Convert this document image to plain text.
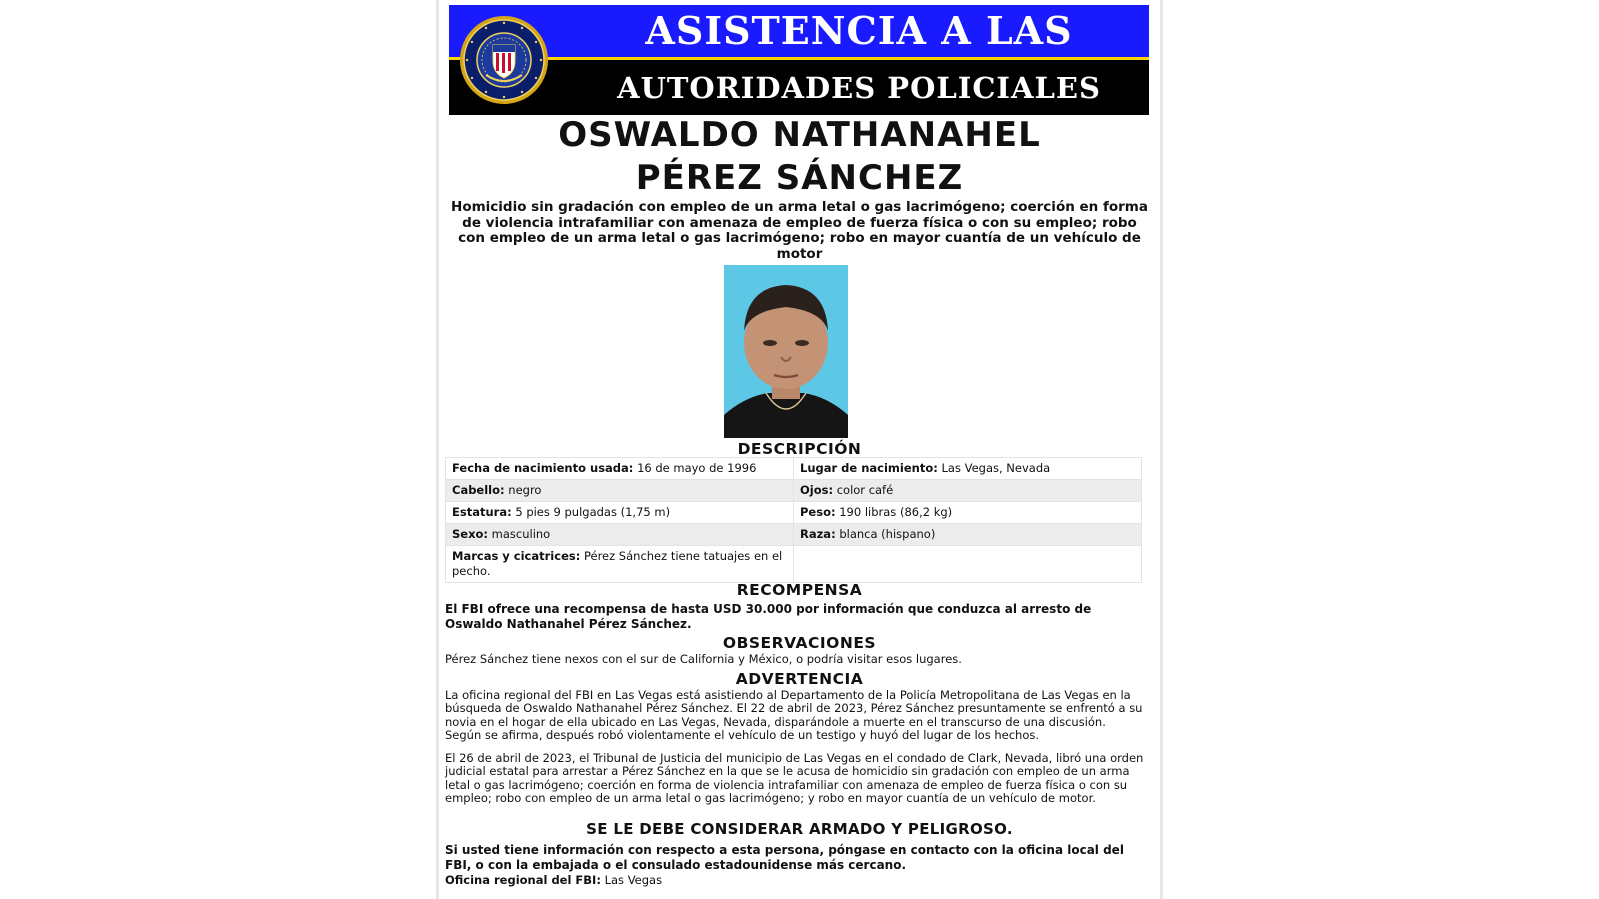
ASISTENCIA A LAS
AUTORIDADES POLICIALES
OSWALDO NATHANAHEL
PÉREZ SÁNCHEZ
Homicidio sin gradación con empleo de un arma letal o gas lacrimógeno; coerción en forma de violencia intrafamiliar con amenaza de empleo de fuerza física o con su empleo; robo con empleo de un arma letal o gas lacrimógeno; robo en mayor cuantía de un vehículo de motor
DESCRIPCIÓN
Fecha de nacimiento usada: 16 de mayo de 1996	Lugar de nacimiento: Las Vegas, Nevada
Cabello: negro	Ojos: color café
Estatura: 5 pies 9 pulgadas (1,75 m)	Peso: 190 libras (86,2 kg)
Sexo: masculino	Raza: blanca (hispano)
Marcas y cicatrices: Pérez Sánchez tiene tatuajes en el pecho.	
RECOMPENSA
El FBI ofrece una recompensa de hasta USD 30.000 por información que conduzca al arresto de Oswaldo Nathanahel Pérez Sánchez.
OBSERVACIONES
Pérez Sánchez tiene nexos con el sur de California y México, o podría visitar esos lugares.
ADVERTENCIA
La oficina regional del FBI en Las Vegas está asistiendo al Departamento de la Policía Metropolitana de Las Vegas en la búsqueda de Oswaldo Nathanahel Pérez Sánchez. El 22 de abril de 2023, Pérez Sánchez presuntamente se enfrentó a su novia en el hogar de ella ubicado en Las Vegas, Nevada, disparándole a muerte en el transcurso de una discusión. Según se afirma, después robó violentamente el vehículo de un testigo y huyó del lugar de los hechos.
El 26 de abril de 2023, el Tribunal de Justicia del municipio de Las Vegas en el condado de Clark, Nevada, libró una orden judicial estatal para arrestar a Pérez Sánchez en la que se le acusa de homicidio sin gradación con empleo de un arma letal o gas lacrimógeno; coerción en forma de violencia intrafamiliar con amenaza de empleo de fuerza física o con su empleo; robo con empleo de un arma letal o gas lacrimógeno; y robo en mayor cuantía de un vehículo de motor.
SE LE DEBE CONSIDERAR ARMADO Y PELIGROSO.
Si usted tiene información con respecto a esta persona, póngase en contacto con la oficina local del FBI, o con la embajada o el consulado estadounidense más cercano.
Oficina regional del FBI: Las Vegas
